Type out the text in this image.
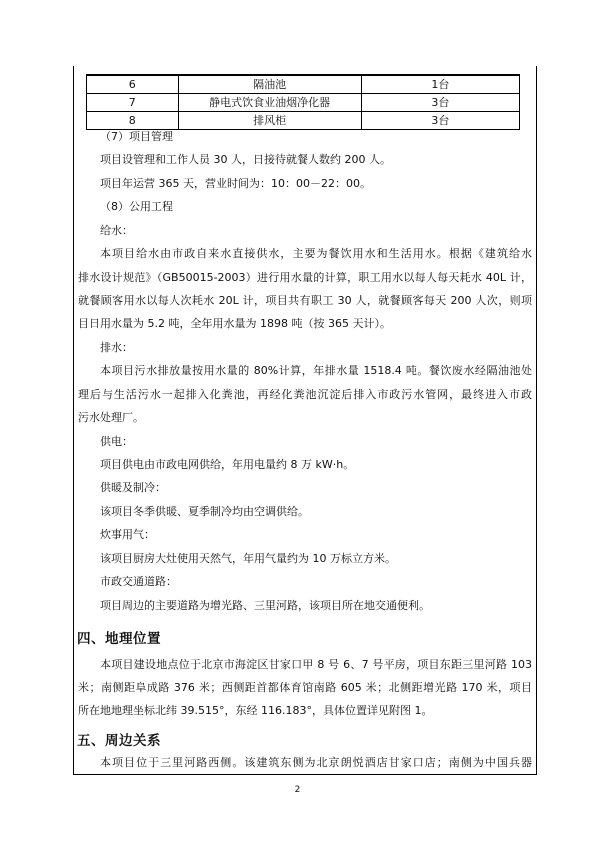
6	隔油池	1台
7	静电式饮食业油烟净化器	3台
8	排风柜	3台
（7）项目管理
项目设管理和工作人员 30 人，日接待就餐人数约 200 人。
项目年运营 365 天，营业时间为：10：00－22：00。
（8）公用工程
给水：
本项目给水由市政自来水直接供水，主要为餐饮用水和生活用水。根据《建筑给水
排水设计规范》（GB50015-2003）进行用水量的计算，职工用水以每人每天耗水 40L 计，
就餐顾客用水以每人次耗水 20L 计，项目共有职工 30 人，就餐顾客每天 200 人次，则项
目日用水量为 5.2 吨，全年用水量为 1898 吨（按 365 天计）。
排水：
本项目污水排放量按用水量的 80%计算，年排水量 1518.4 吨。餐饮废水经隔油池处
理后与生活污水一起排入化粪池，再经化粪池沉淀后排入市政污水管网，最终进入市政
污水处理厂。
供电：
项目供电由市政电网供给，年用电量约 8 万 kW·h。
供暖及制冷：
该项目冬季供暖、夏季制冷均由空调供给。
炊事用气：
该项目厨房大灶使用天然气，年用气量约为 10 万标立方米。
市政交通道路：
项目周边的主要道路为增光路、三里河路，该项目所在地交通便利。
四、地理位置
本项目建设地点位于北京市海淀区甘家口甲 8 号 6、7 号平房，项目东距三里河路 103
米；南侧距阜成路 376 米；西侧距首都体育馆南路 605 米；北侧距增光路 170 米，项目
所在地地理坐标北纬 39.515°，东经 116.183°，具体位置详见附图 1。
五、周边关系
本项目位于三里河路西侧。该建筑东侧为北京朗悦酒店甘家口店；南侧为中国兵器
2
